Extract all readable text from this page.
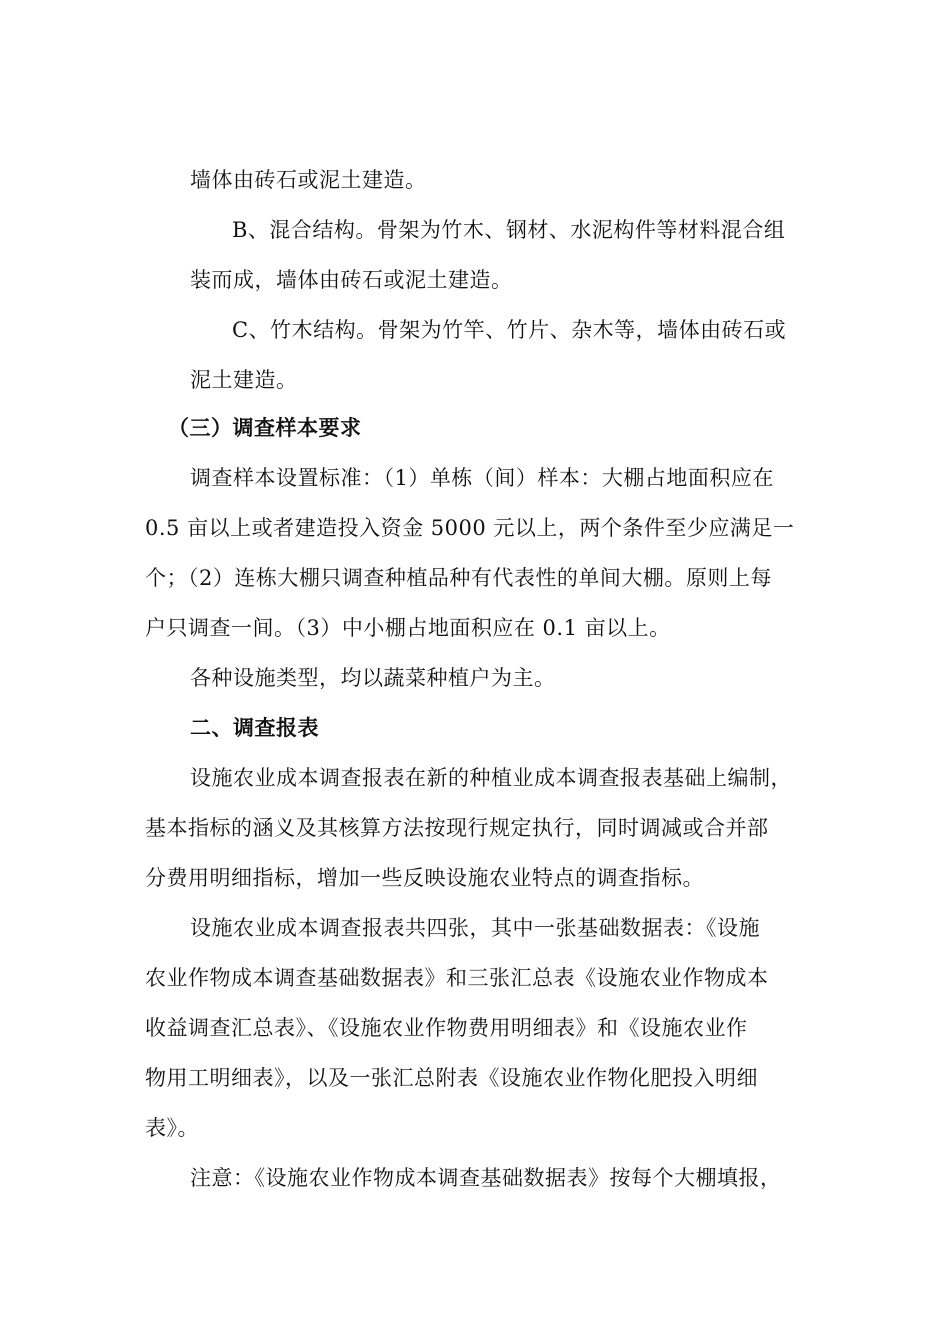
墙体由砖石或泥土建造。
B、混合结构。骨架为竹木、钢材、水泥构件等材料混合组
装而成，墙体由砖石或泥土建造。
C、竹木结构。骨架为竹竿、竹片、杂木等，墙体由砖石或
泥土建造。
（三）调查样本要求
调查样本设置标准：（1）单栋（间）样本：大棚占地面积应在
0.5 亩以上或者建造投入资金 5000 元以上，两个条件至少应满足一
个；（2）连栋大棚只调查种植品种有代表性的单间大棚。原则上每
户只调查一间。（3）中小棚占地面积应在 0.1 亩以上。
各种设施类型，均以蔬菜种植户为主。
二、调查报表
设施农业成本调查报表在新的种植业成本调查报表基础上编制，
基本指标的涵义及其核算方法按现行规定执行，同时调减或合并部
分费用明细指标，增加一些反映设施农业特点的调查指标。
设施农业成本调查报表共四张，其中一张基础数据表：《设施
农业作物成本调查基础数据表》和三张汇总表《设施农业作物成本
收益调查汇总表》、《设施农业作物费用明细表》和《设施农业作
物用工明细表》，以及一张汇总附表《设施农业作物化肥投入明细
表》。
注意：《设施农业作物成本调查基础数据表》按每个大棚填报，
